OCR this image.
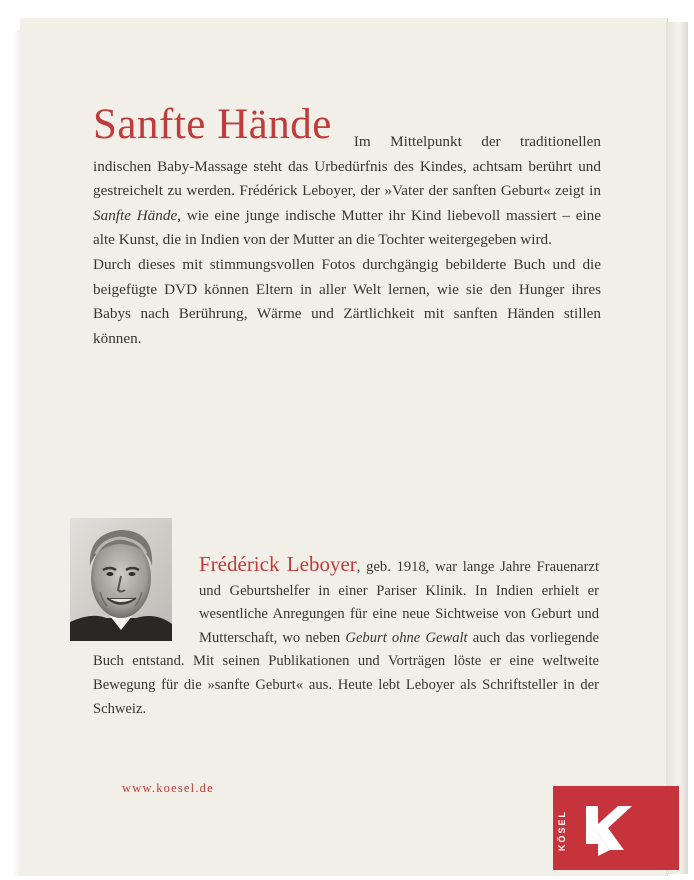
Sanfte Hände	Im Mittelpunkt der traditionellen indischen Baby-Massage steht das Urbedürfnis des Kindes, achtsam berührt und gestreichelt zu werden. Frédérick Leboyer, der »Vater der sanften Geburt« zeigt in Sanfte Hände, wie eine junge indische Mutter ihr Kind liebevoll massiert – eine alte Kunst, die in Indien von der Mutter an die Tochter weitergegeben wird.

Durch dieses mit stimmungsvollen Fotos durchgängig bebilderte Buch und die beigefügte DVD können Eltern in aller Welt lernen, wie sie den Hunger ihres Babys nach Berührung, Wärme und Zärtlichkeit mit sanften Händen stillen können.

Frédérick Leboyer, geb. 1918, war lange Jahre Frauenarzt und Geburtshelfer in einer Pariser Klinik. In Indien erhielt er wesentliche Anregungen für eine neue Sichtweise von Geburt und Mutterschaft, wo neben Geburt ohne Gewalt auch das vorliegende Buch entstand. Mit seinen Publikationen und Vorträgen löste er eine weltweite Bewegung für die »sanfte Geburt« aus. Heute lebt Leboyer als Schriftsteller in der Schweiz.
www.koesel.de
KÖSEL
